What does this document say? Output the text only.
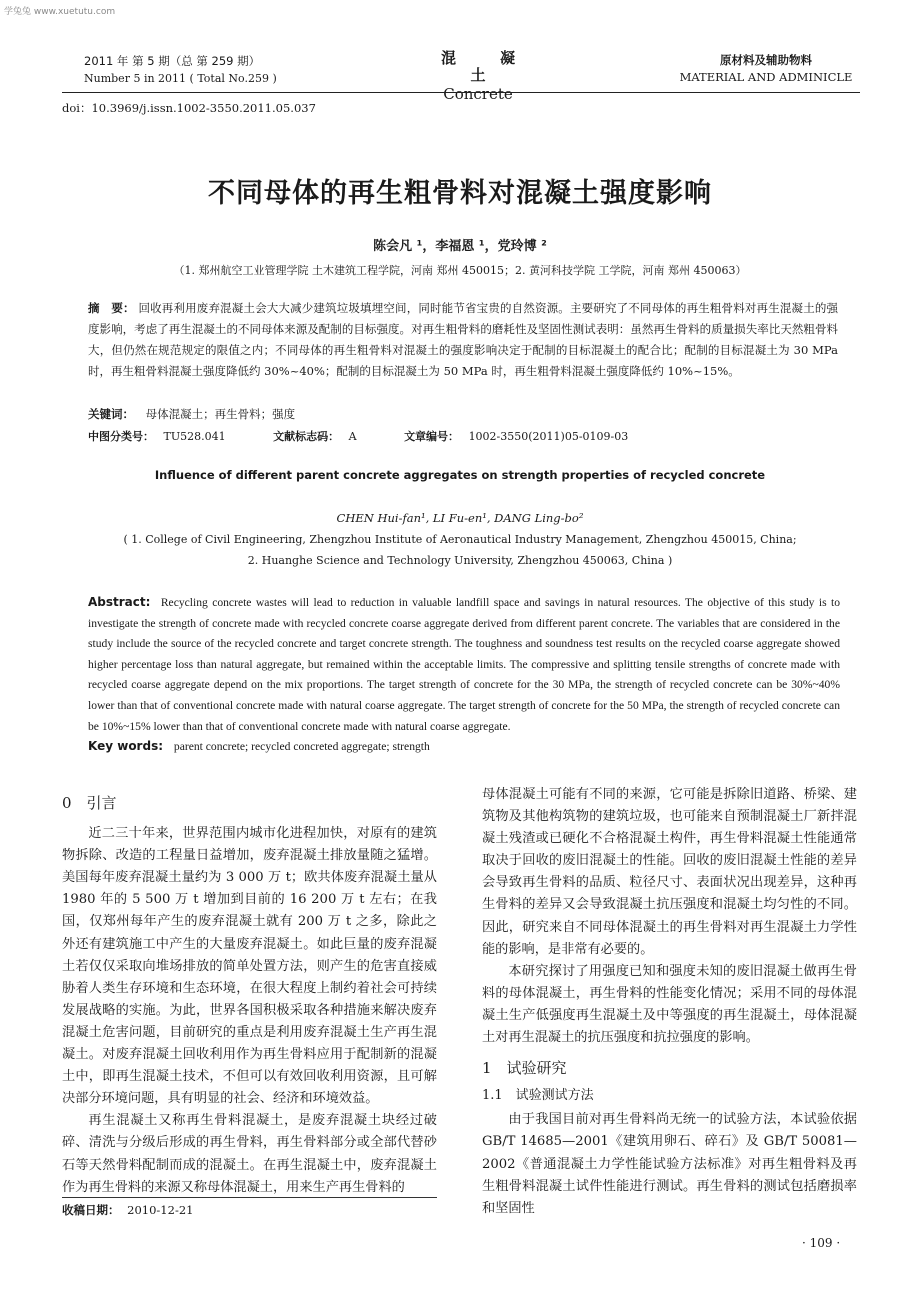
学兔兔 www.xuetutu.com
2011 年 第 5 期（总 第 259 期）
Number 5 in 2011 ( Total No.259 )
混凝土
Concrete
原材料及辅助物料
MATERIAL AND ADMINICLE
doi：10.3969/j.issn.1002-3550.2011.05.037
不同母体的再生粗骨料对混凝土强度影响
陈会凡 ¹，李福恩 ¹，党玲博 ²
（1. 郑州航空工业管理学院 土木建筑工程学院，河南 郑州 450015；2. 黄河科技学院 工学院，河南 郑州 450063）
摘　要： 回收再利用废弃混凝土会大大减少建筑垃圾填埋空间，同时能节省宝贵的自然资源。主要研究了不同母体的再生粗骨料对再生混凝土的强度影响，考虑了再生混凝土的不同母体来源及配制的目标强度。对再生粗骨料的磨耗性及坚固性测试表明：虽然再生骨料的质量损失率比天然粗骨料大，但仍然在规范规定的限值之内；不同母体的再生粗骨料对混凝土的强度影响决定于配制的目标混凝土的配合比；配制的目标混凝土为 30 MPa 时，再生粗骨料混凝土强度降低约 30%~40%；配制的目标混凝土为 50 MPa 时，再生粗骨料混凝土强度降低约 10%~15%。
关键词： 母体混凝土；再生骨料；强度
中图分类号： TU528.041	文献标志码： A	文章编号： 1002-3550(2011)05-0109-03
Influence of different parent concrete aggregates on strength properties of recycled concrete
CHEN Hui-fan¹, LI Fu-en¹, DANG Ling-bo²
( 1. College of Civil Engineering, Zhengzhou Institute of Aeronautical Industry Management, Zhengzhou 450015, China;
2. Huanghe Science and Technology University, Zhengzhou 450063, China )
Abstract: Recycling concrete wastes will lead to reduction in valuable landfill space and savings in natural resources. The objective of this study is to investigate the strength of concrete made with recycled concrete coarse aggregate derived from different parent concrete. The variables that are considered in the study include the source of the recycled concrete and target concrete strength. The toughness and soundness test results on the recycled coarse aggregate showed higher percentage loss than natural aggregate, but remained within the acceptable limits. The compressive and splitting tensile strengths of concrete made with recycled coarse aggregate depend on the mix proportions. The target strength of concrete for the 30 MPa, the strength of recycled concrete can be 30%~40% lower than that of conventional concrete made with natural coarse aggregate. The target strength of concrete for the 50 MPa, the strength of recycled concrete can be 10%~15% lower than that of conventional concrete made with natural coarse aggregate.
Key words: parent concrete; recycled concreted aggregate; strength
0　引言

近二三十年来，世界范围内城市化进程加快，对原有的建筑物拆除、改造的工程量日益增加，废弃混凝土排放量随之猛增。美国每年废弃混凝土量约为 3 000 万 t；欧共体废弃混凝土量从 1980 年的 5 500 万 t 增加到目前的 16 200 万 t 左右；在我国，仅郑州每年产生的废弃混凝土就有 200 万 t 之多，除此之外还有建筑施工中产生的大量废弃混凝土。如此巨量的废弃混凝土若仅仅采取向堆场排放的简单处置方法，则产生的危害直接威胁着人类生存环境和生态环境，在很大程度上制约着社会可持续发展战略的实施。为此，世界各国积极采取各种措施来解决废弃混凝土危害问题，目前研究的重点是利用废弃混凝土生产再生混凝土。对废弃混凝土回收利用作为再生骨料应用于配制新的混凝土中，即再生混凝土技术，不但可以有效回收利用资源，且可解决部分环境问题，具有明显的社会、经济和环境效益。

再生混凝土又称再生骨料混凝土，是废弃混凝土块经过破碎、清洗与分级后形成的再生骨料，再生骨料部分或全部代替砂石等天然骨料配制而成的混凝土。在再生混凝土中，废弃混凝土作为再生骨料的来源又称母体混凝土，用来生产再生骨料的

母体混凝土可能有不同的来源，它可能是拆除旧道路、桥梁、建筑物及其他构筑物的建筑垃圾，也可能来自预制混凝土厂新拌混凝土残渣或已硬化不合格混凝土构件，再生骨料混凝土性能通常取决于回收的废旧混凝土的性能。回收的废旧混凝土性能的差异会导致再生骨料的品质、粒径尺寸、表面状况出现差异，这种再生骨料的差异又会导致混凝土抗压强度和混凝土均匀性的不同。因此，研究来自不同母体混凝土的再生骨料对再生混凝土力学性能的影响，是非常有必要的。

本研究探讨了用强度已知和强度未知的废旧混凝土做再生骨料的母体混凝土，再生骨料的性能变化情况；采用不同的母体混凝土生产低强度再生混凝土及中等强度的再生混凝土，母体混凝土对再生混凝土的抗压强度和抗拉强度的影响。

1　试验研究
1.1　试验测试方法

由于我国目前对再生骨料尚无统一的试验方法，本试验依据 GB/T 14685—2001《建筑用卵石、碎石》及 GB/T 50081—2002《普通混凝土力学性能试验方法标准》对再生粗骨料及再生粗骨料混凝土试件性能进行测试。再生骨料的测试包括磨损率和坚固性

收稿日期： 2010-12-21
· 109 ·
